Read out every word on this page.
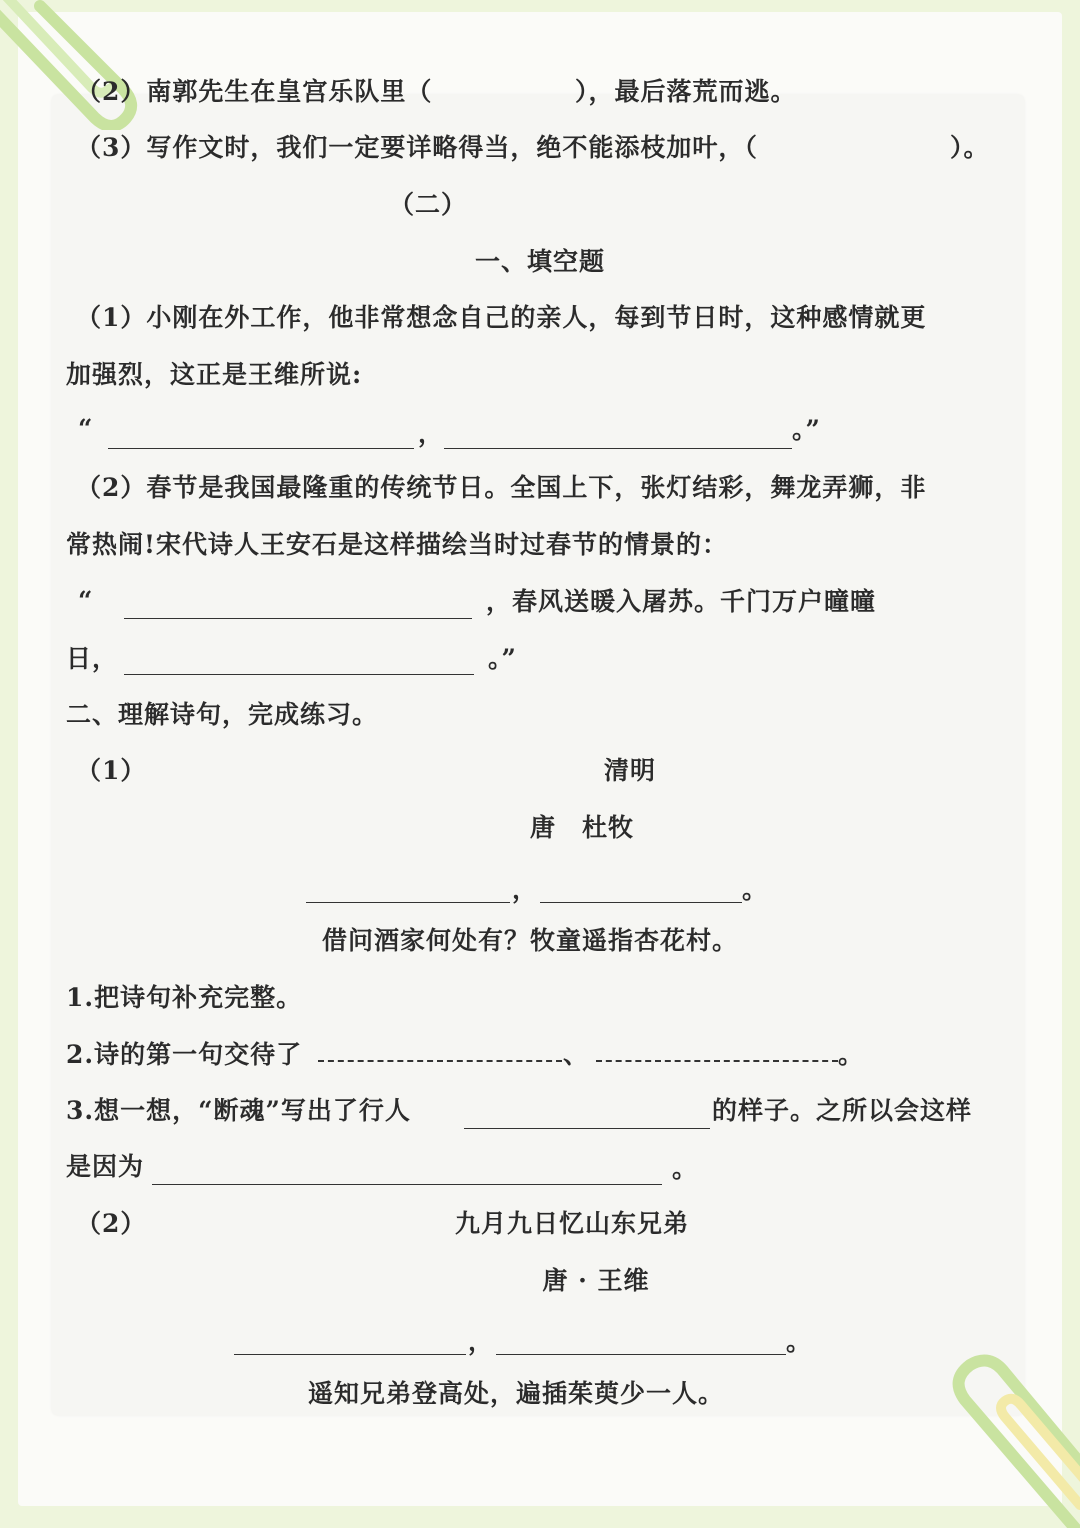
（2）南郭先生在皇宫乐队里（	），最后落荒而逃。
（3）写作文时，我们一定要详略得当，绝不能添枝加叶，（	）。
（二）
一、填空题
（1）小刚在外工作，他非常想念自己的亲人，每到节日时，这种感情就更
加强烈，这正是王维所说:
“	，	。”
（2）春节是我国最隆重的传统节日。全国上下，张灯结彩，舞龙弄狮，非
常热闹!宋代诗人王安石是这样描绘当时过春节的情景的：
“	，春风送暖入屠苏。千门万户曈曈
日，	。”
二、理解诗句，完成练习。
（1）	清明
唐　杜牧
，	。
借问酒家何处有？牧童遥指杏花村。
1.把诗句补充完整。
2.诗的第一句交待了	、	。
3.想一想，“断魂”写出了行人	的样子。之所以会这样
是因为	。
（2）	九月九日忆山东兄弟
唐 · 王维
，	。
遥知兄弟登高处，遍插茱萸少一人。
